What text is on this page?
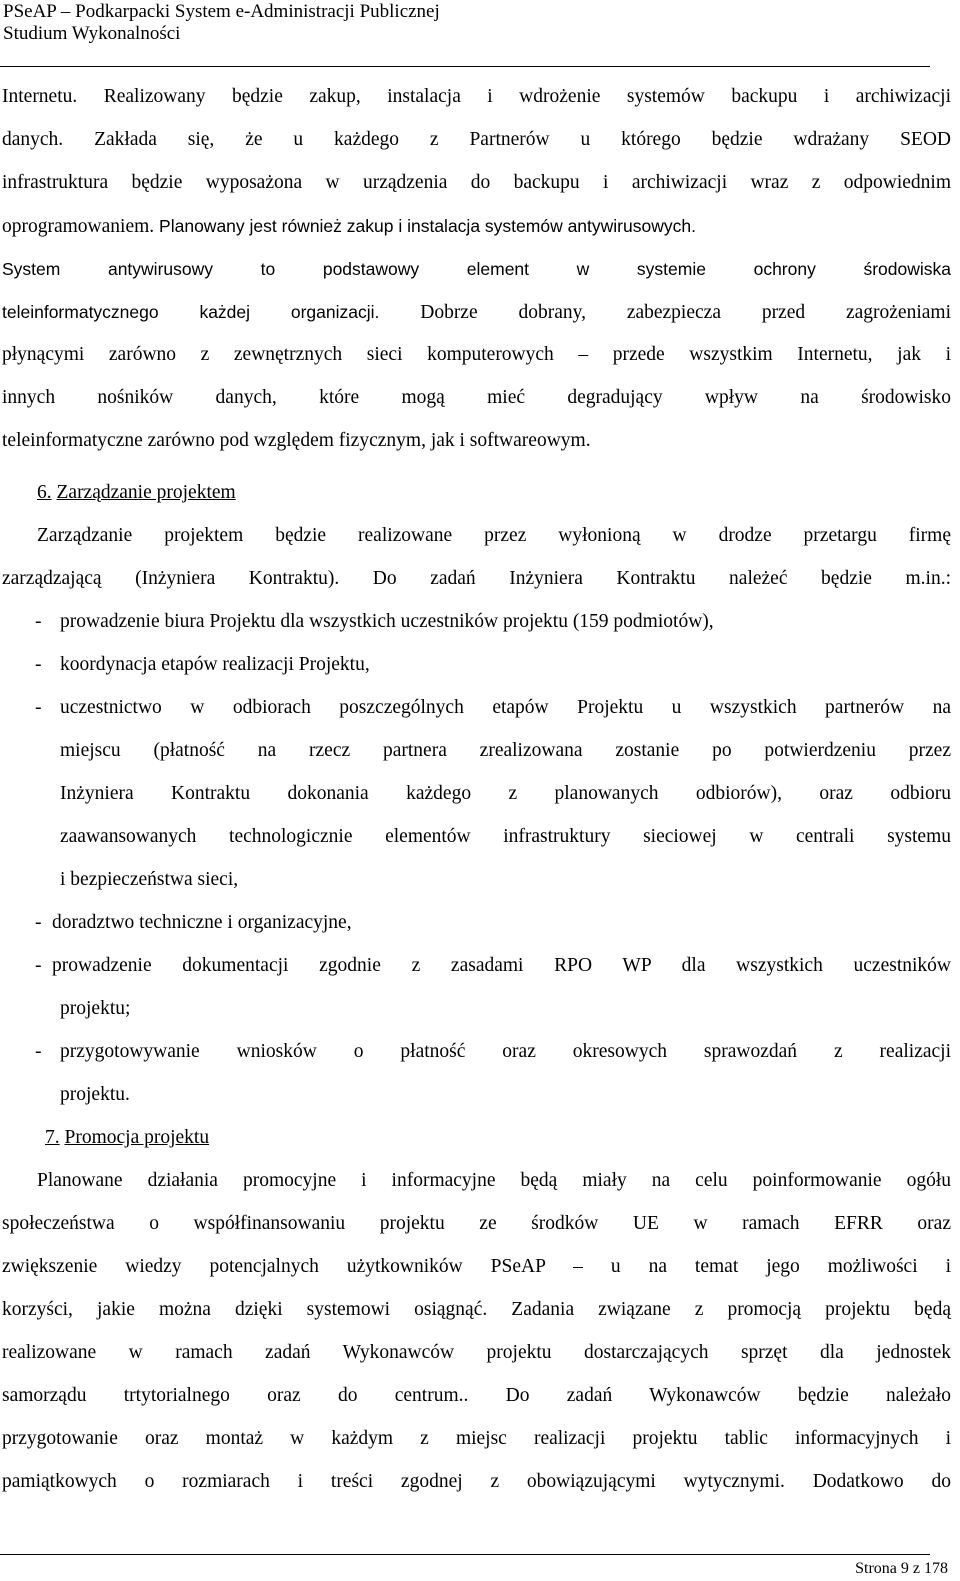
PSeAP – Podkarpacki System e-Administracji Publicznej
Studium Wykonalności
Internetu. Realizowany będzie zakup, instalacja i wdrożenie systemów backupu i archiwizacji
danych. Zakłada się, że u każdego z Partnerów u którego będzie wdrażany SEOD
infrastruktura będzie wyposażona w urządzenia do backupu i archiwizacji wraz z odpowiednim
oprogramowaniem. Planowany jest również zakup i instalacja systemów antywirusowych.
System antywirusowy to podstawowy element w systemie ochrony środowiska
teleinformatycznego każdej organizacji. Dobrze dobrany, zabezpiecza przed zagrożeniami
płynącymi zarówno z zewnętrznych sieci komputerowych – przede wszystkim Internetu, jak i
innych nośników danych, które mogą mieć degradujący wpływ na środowisko
teleinformatyczne zarówno pod względem fizycznym, jak i softwareowym.
6. Zarządzanie projektem
Zarządzanie projektem będzie realizowane przez wyłonioną w drodze przetargu firmę
zarządzającą (Inżyniera Kontraktu). Do zadań Inżyniera Kontraktu należeć będzie m.in.:
- prowadzenie biura Projektu dla wszystkich uczestników projektu (159 podmiotów),
- koordynacja etapów realizacji Projektu,
- uczestnictwo w odbiorach poszczególnych etapów Projektu u wszystkich partnerów na
miejscu (płatność na rzecz partnera zrealizowana zostanie po potwierdzeniu przez
Inżyniera Kontraktu dokonania każdego z planowanych odbiorów), oraz odbioru
zaawansowanych technologicznie elementów infrastruktury sieciowej w centrali systemu
i bezpieczeństwa sieci,
- doradztwo techniczne i organizacyjne,
- prowadzenie dokumentacji zgodnie z zasadami RPO WP dla wszystkich uczestników
projektu;
- przygotowywanie wniosków o płatność oraz okresowych sprawozdań z realizacji
projektu.
7. Promocja projektu
Planowane działania promocyjne i informacyjne będą miały na celu poinformowanie ogółu
społeczeństwa o współfinansowaniu projektu ze środków UE w ramach EFRR oraz
zwiększenie wiedzy potencjalnych użytkowników PSeAP – u na temat jego możliwości i
korzyści, jakie można dzięki systemowi osiągnąć. Zadania związane z promocją projektu będą
realizowane w ramach zadań Wykonawców projektu dostarczających sprzęt dla jednostek
samorządu trtytorialnego oraz do centrum.. Do zadań Wykonawców będzie należało
przygotowanie oraz montaż w każdym z miejsc realizacji projektu tablic informacyjnych i
pamiątkowych o rozmiarach i treści zgodnej z obowiązującymi wytycznymi. Dodatkowo do
Strona 9 z 178
